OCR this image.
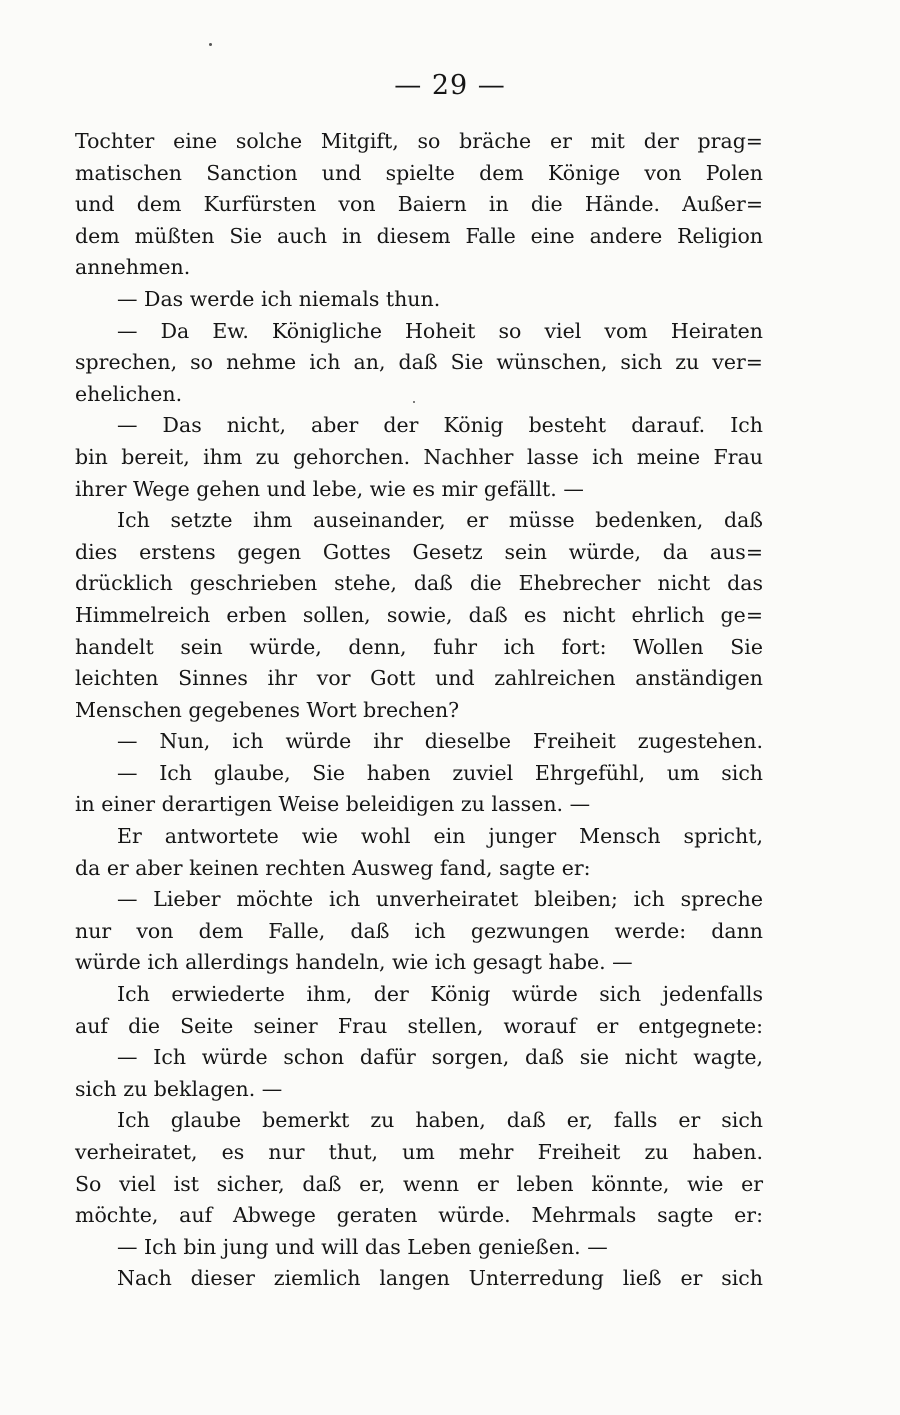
— 29 —
Tochter eine solche Mitgift, so bräche er mit der prag=
matischen Sanction und spielte dem Könige von Polen
und dem Kurfürsten von Baiern in die Hände. Außer=
dem müßten Sie auch in diesem Falle eine andere Religion
annehmen.
— Das werde ich niemals thun.
— Da Ew. Königliche Hoheit so viel vom Heiraten
sprechen, so nehme ich an, daß Sie wünschen, sich zu ver=
ehelichen.
— Das nicht, aber der König besteht darauf. Ich
bin bereit, ihm zu gehorchen. Nachher lasse ich meine Frau
ihrer Wege gehen und lebe, wie es mir gefällt. —
Ich setzte ihm auseinander, er müsse bedenken, daß
dies erstens gegen Gottes Gesetz sein würde, da aus=
drücklich geschrieben stehe, daß die Ehebrecher nicht das
Himmelreich erben sollen, sowie, daß es nicht ehrlich ge=
handelt sein würde, denn, fuhr ich fort: Wollen Sie
leichten Sinnes ihr vor Gott und zahlreichen anständigen
Menschen gegebenes Wort brechen?
— Nun, ich würde ihr dieselbe Freiheit zugestehen.
— Ich glaube, Sie haben zuviel Ehrgefühl, um sich
in einer derartigen Weise beleidigen zu lassen. —
Er antwortete wie wohl ein junger Mensch spricht,
da er aber keinen rechten Ausweg fand, sagte er:
— Lieber möchte ich unverheiratet bleiben; ich spreche
nur von dem Falle, daß ich gezwungen werde: dann
würde ich allerdings handeln, wie ich gesagt habe. —
Ich erwiederte ihm, der König würde sich jedenfalls
auf die Seite seiner Frau stellen, worauf er entgegnete:
— Ich würde schon dafür sorgen, daß sie nicht wagte,
sich zu beklagen. —
Ich glaube bemerkt zu haben, daß er, falls er sich
verheiratet, es nur thut, um mehr Freiheit zu haben.
So viel ist sicher, daß er, wenn er leben könnte, wie er
möchte, auf Abwege geraten würde. Mehrmals sagte er:
— Ich bin jung und will das Leben genießen. —
Nach dieser ziemlich langen Unterredung ließ er sich
